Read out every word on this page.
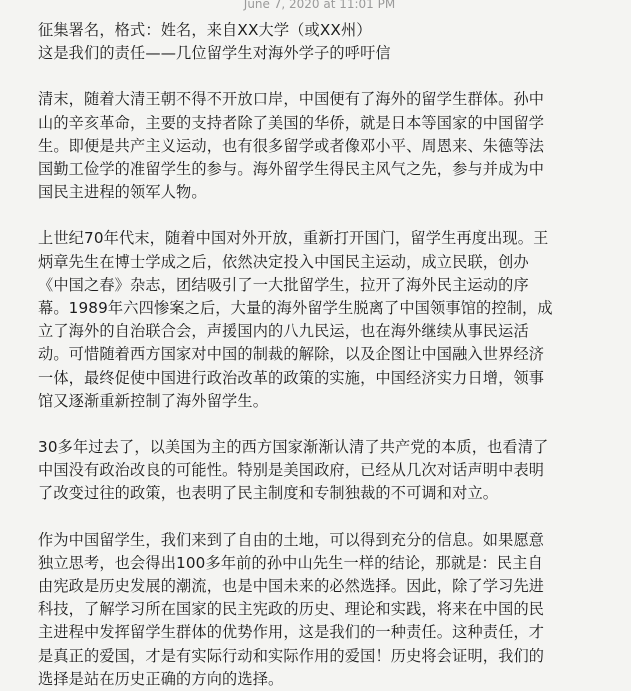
June 7, 2020 at 11:01 PM
征集署名，格式：姓名，来自XX大学（或XX州）
这是我们的责任——几位留学生对海外学子的呼吁信
清末，随着大清王朝不得不开放口岸，中国便有了海外的留学生群体。孙中
山的辛亥革命，主要的支持者除了美国的华侨，就是日本等国家的中国留学
生。即便是共产主义运动，也有很多留学或者像邓小平、周恩来、朱德等法
国勤工俭学的准留学生的参与。海外留学生得民主风气之先，参与并成为中
国民主进程的领军人物。
上世纪70年代末，随着中国对外开放，重新打开国门，留学生再度出现。王
炳章先生在博士学成之后，依然决定投入中国民主运动，成立民联，创办
《中国之春》杂志，团结吸引了一大批留学生，拉开了海外民主运动的序
幕。1989年六四惨案之后，大量的海外留学生脱离了中国领事馆的控制，成
立了海外的自治联合会，声援国内的八九民运，也在海外继续从事民运活
动。可惜随着西方国家对中国的制裁的解除，以及企图让中国融入世界经济
一体，最终促使中国进行政治改革的政策的实施，中国经济实力日增，领事
馆又逐渐重新控制了海外留学生。
30多年过去了，以美国为主的西方国家渐渐认清了共产党的本质，也看清了
中国没有政治改良的可能性。特别是美国政府，已经从几次对话声明中表明
了改变过往的政策，也表明了民主制度和专制独裁的不可调和对立。
作为中国留学生，我们来到了自由的土地，可以得到充分的信息。如果愿意
独立思考，也会得出100多年前的孙中山先生一样的结论，那就是：民主自
由宪政是历史发展的潮流，也是中国未来的必然选择。因此，除了学习先进
科技，了解学习所在国家的民主宪政的历史、理论和实践，将来在中国的民
主进程中发挥留学生群体的优势作用，这是我们的一种责任。这种责任，才
是真正的爱国，才是有实际行动和实际作用的爱国！历史将会证明，我们的
选择是站在历史正确的方向的选择。
